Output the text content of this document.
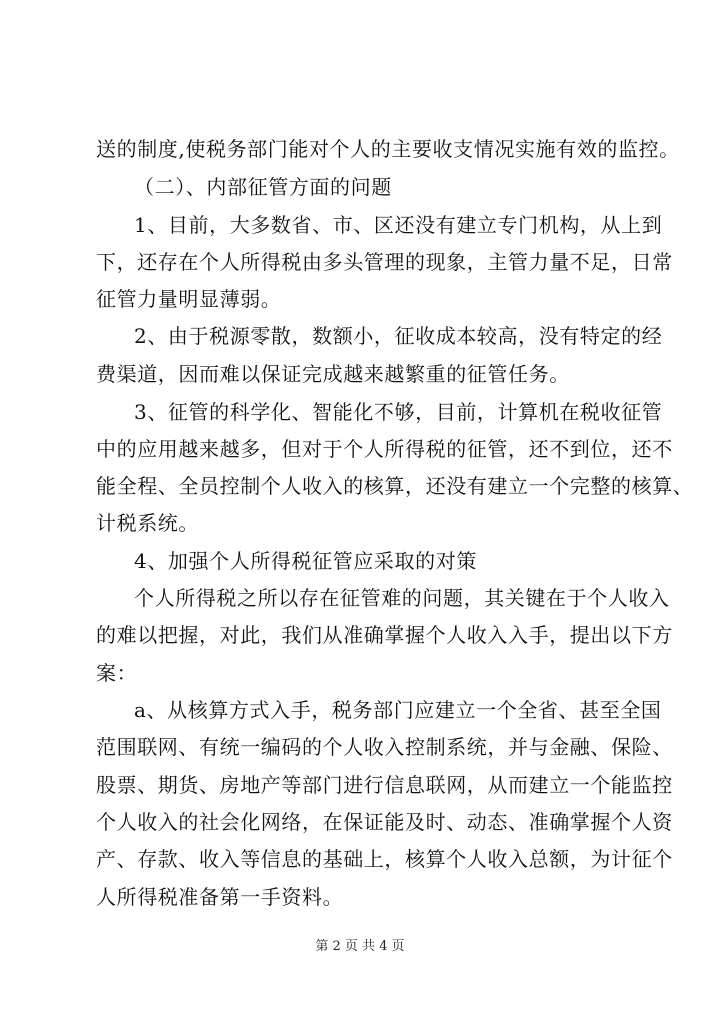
送的制度,使税务部门能对个人的主要收支情况实施有效的监控。
（二）、内部征管方面的问题
1、目前，大多数省、市、区还没有建立专门机构，从上到
下，还存在个人所得税由多头管理的现象，主管力量不足，日常
征管力量明显薄弱。
2、由于税源零散，数额小，征收成本较高，没有特定的经
费渠道，因而难以保证完成越来越繁重的征管任务。
3、征管的科学化、智能化不够，目前，计算机在税收征管
中的应用越来越多，但对于个人所得税的征管，还不到位，还不
能全程、全员控制个人收入的核算，还没有建立一个完整的核算、
计税系统。
4、加强个人所得税征管应采取的对策
个人所得税之所以存在征管难的问题，其关键在于个人收入
的难以把握，对此，我们从准确掌握个人收入入手，提出以下方
案：
a、从核算方式入手，税务部门应建立一个全省、甚至全国
范围联网、有统一编码的个人收入控制系统，并与金融、保险、
股票、期货、房地产等部门进行信息联网，从而建立一个能监控
个人收入的社会化网络，在保证能及时、动态、准确掌握个人资
产、存款、收入等信息的基础上，核算个人收入总额，为计征个
人所得税准备第一手资料。
第 2 页 共 4 页
